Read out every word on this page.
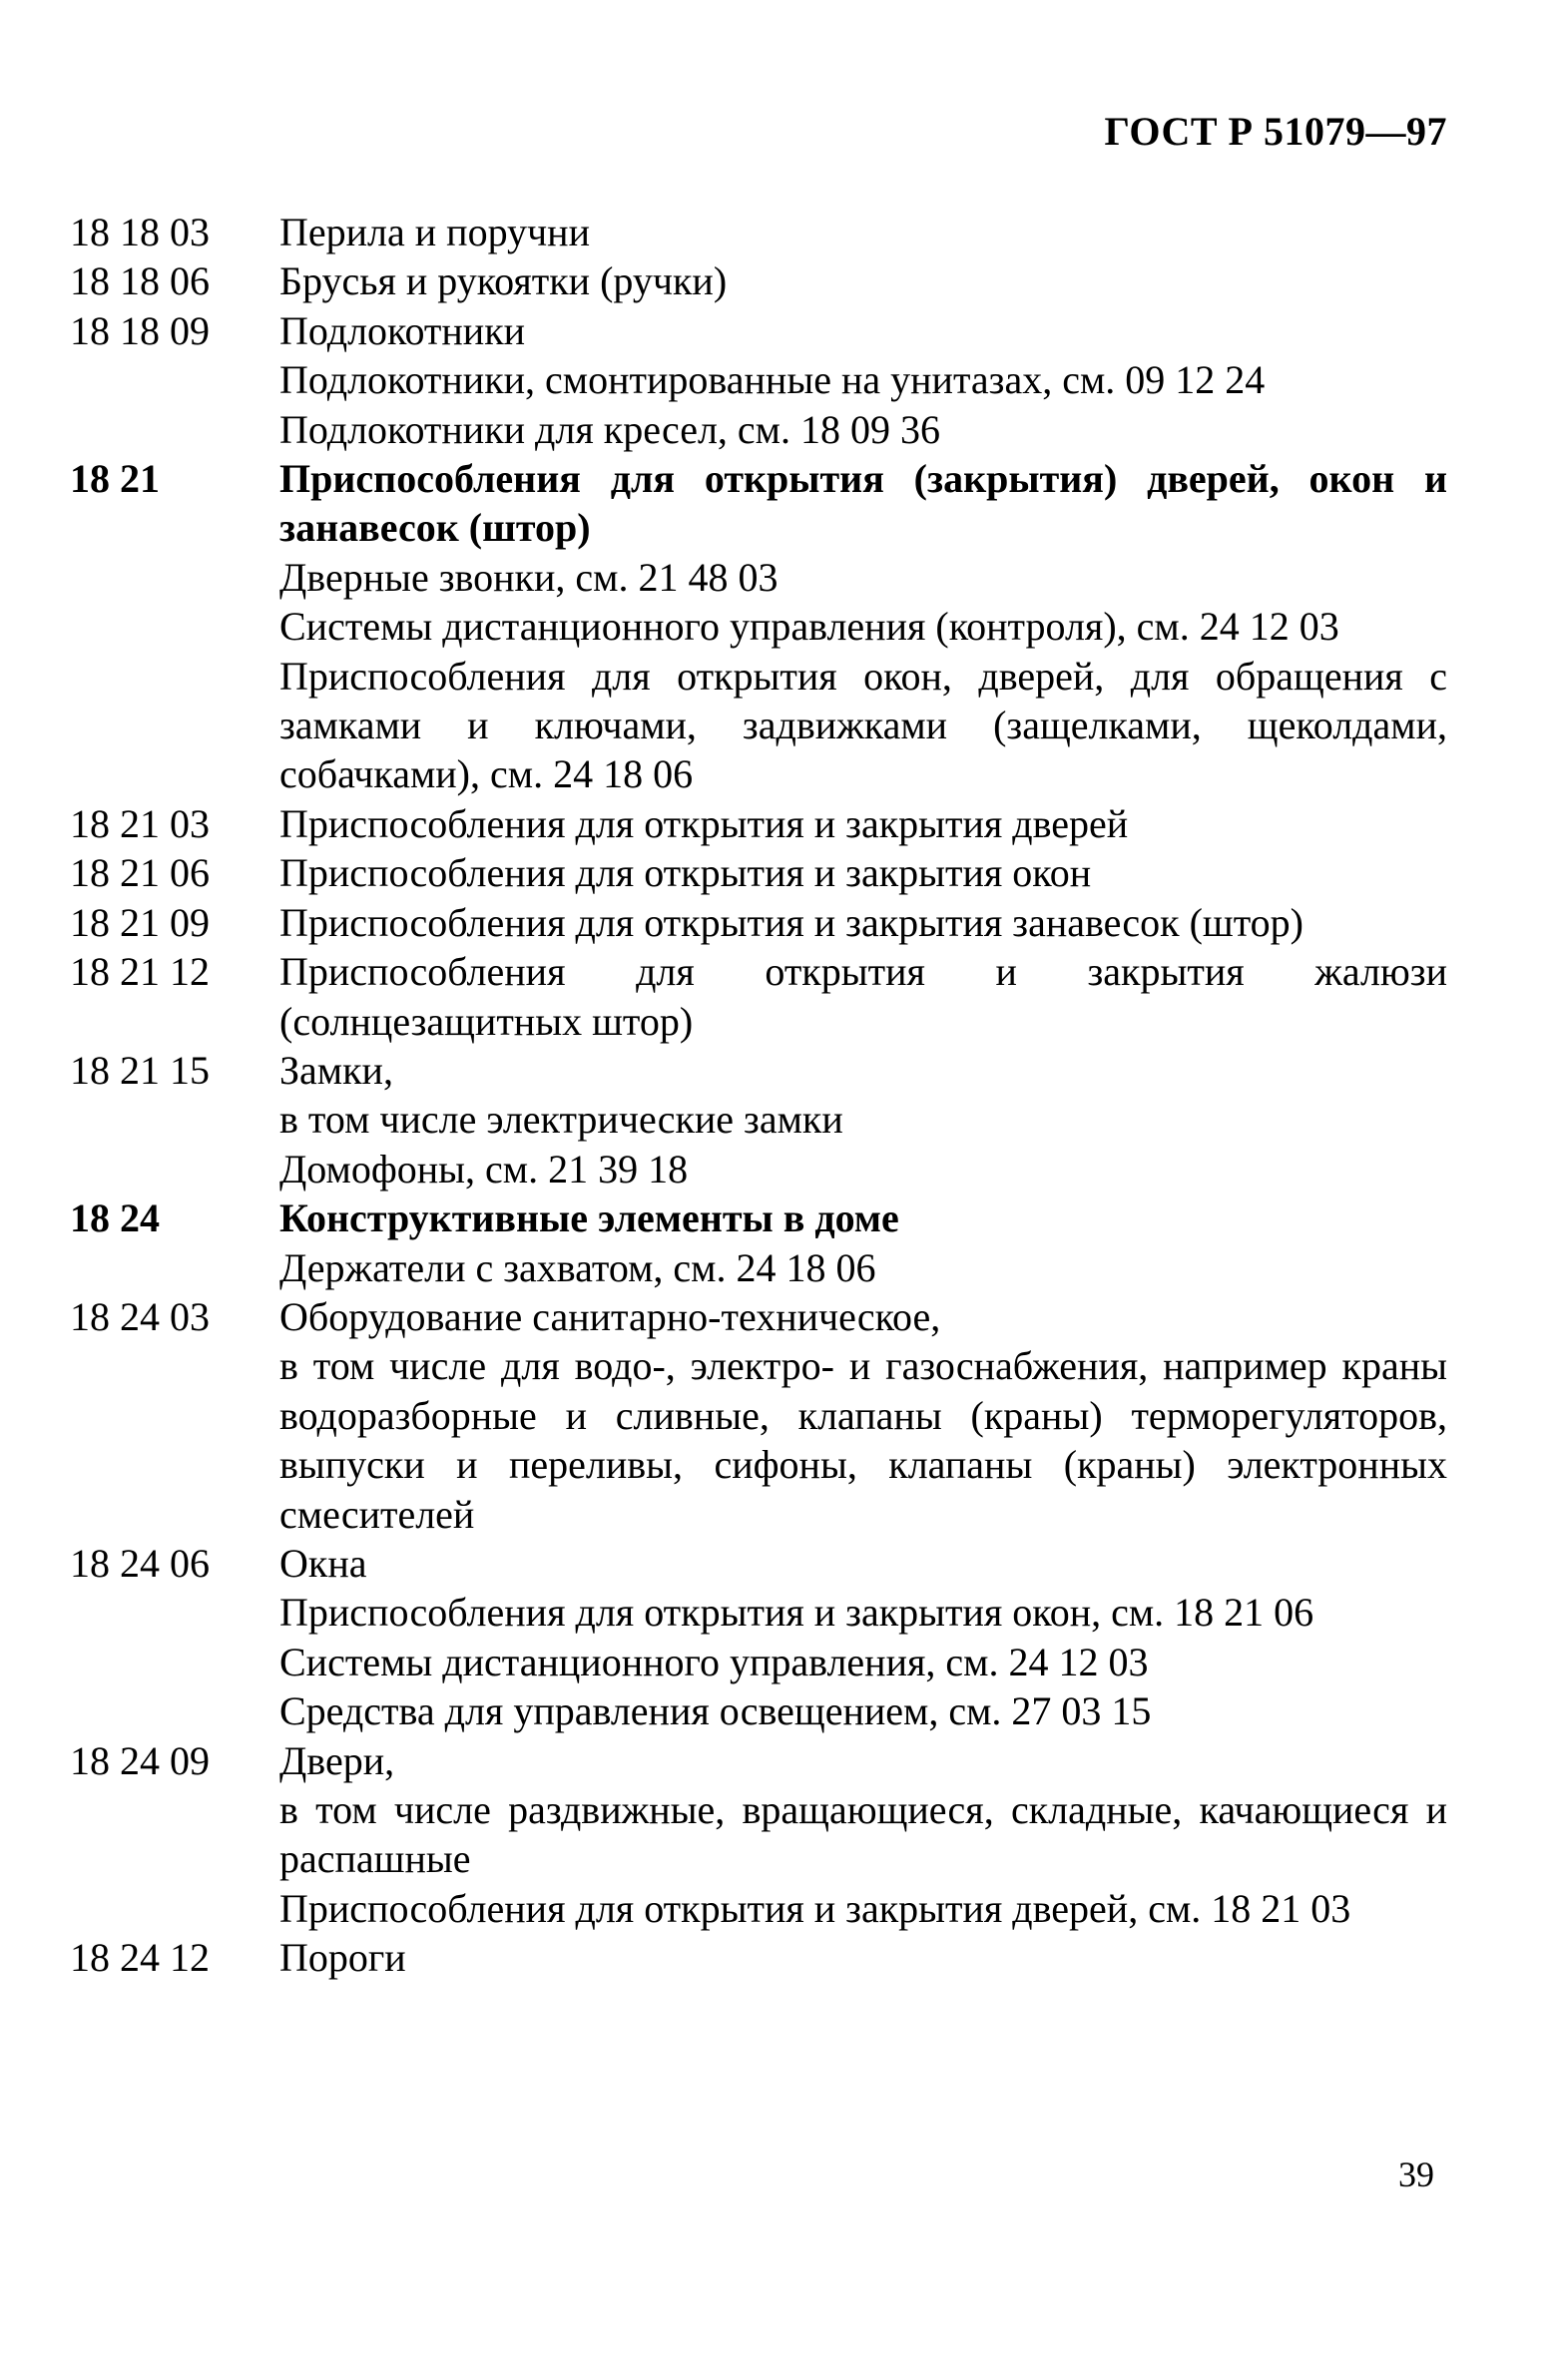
ГОСТ Р 51079—97
18 18 03	Перила и поручни
18 18 06	Брусья и рукоятки (ручки)
18 18 09	Подлокотники
Подлокотники, смонтированные на унитазах, см. 09 12 24
Подлокотники для кресел, см. 18 09 36
18 21	Приспособления для открытия (закрытия) дверей, окон и занавесок (штор)
Дверные звонки, см. 21 48 03
Системы дистанционного управления (контроля), см. 24 12 03
Приспособления для открытия окон, дверей, для обращения с замками и ключами, задвижками (защелками, щеколдами, собачками), см. 24 18 06
18 21 03	Приспособления для открытия и закрытия дверей
18 21 06	Приспособления для открытия и закрытия окон
18 21 09	Приспособления для открытия и закрытия занавесок (штор)
18 21 12	Приспособления для открытия и закрытия жалюзи (солнцезащитных штор)
18 21 15	Замки,
в том числе электрические замки
Домофоны, см. 21 39 18
18 24	Конструктивные элементы в доме
Держатели с захватом, см. 24 18 06
18 24 03	Оборудование санитарно-техническое,
в том числе для водо-, электро- и газоснабжения, например краны водоразборные и сливные, клапаны (краны) терморегуляторов, выпуски и переливы, сифоны, клапаны (краны) электронных смесителей
18 24 06	Окна
Приспособления для открытия и закрытия окон, см. 18 21 06
Системы дистанционного управления, см. 24 12 03
Средства для управления освещением, см. 27 03 15
18 24 09	Двери,
в том числе раздвижные, вращающиеся, складные, качающиеся и распашные
Приспособления для открытия и закрытия дверей, см. 18 21 03
18 24 12	Пороги
39
